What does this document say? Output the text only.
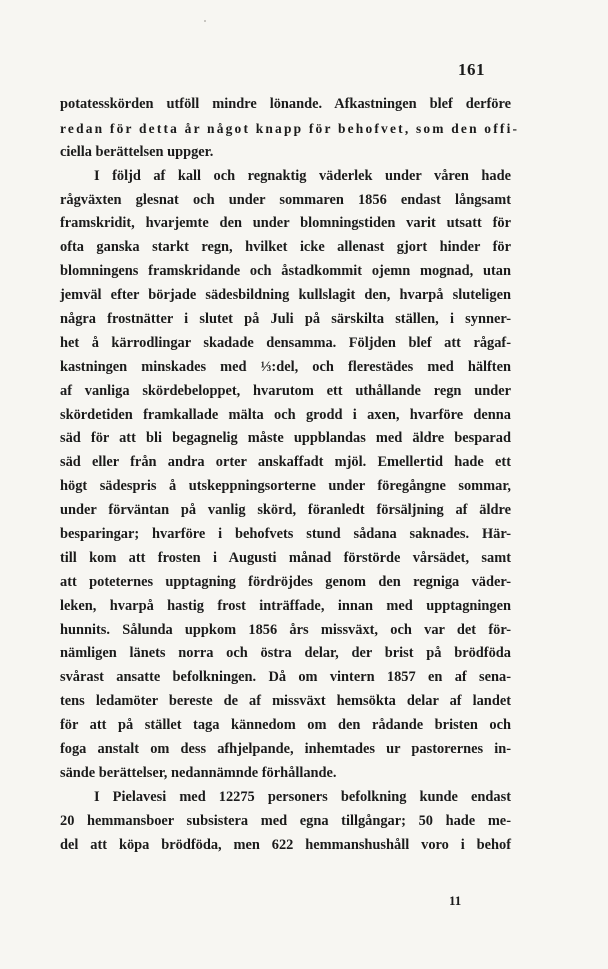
161
potatesskörden utföll mindre lönande. Afkastningen blef derföre
redan för detta år något knapp för behofvet, som den offi-
ciella berättelsen uppger.
I följd af kall och regnaktig väderlek under våren hade
rågväxten glesnat och under sommaren 1856 endast långsamt
framskridit, hvarjemte den under blomningstiden varit utsatt för
ofta ganska starkt regn, hvilket icke allenast gjort hinder för
blomningens framskridande och åstadkommit ojemn mognad, utan
jemväl efter började sädesbildning kullslagit den, hvarpå sluteligen
några frostnätter i slutet på Juli på särskilta ställen, i synner-
het å kärrodlingar skadade densamma. Följden blef att rågaf-
kastningen minskades med ⅓:del, och flerestädes med hälften
af vanliga skördebeloppet, hvarutom ett uthållande regn under
skördetiden framkallade mälta och grodd i axen, hvarföre denna
säd för att bli begagnelig måste uppblandas med äldre besparad
säd eller från andra orter anskaffadt mjöl. Emellertid hade ett
högt sädespris å utskeppningsorterne under föregångne sommar,
under förväntan på vanlig skörd, föranledt försäljning af äldre
besparingar; hvarföre i behofvets stund sådana saknades. Här-
till kom att frosten i Augusti månad förstörde vårsädet, samt
att poteternes upptagning fördröjdes genom den regniga väder-
leken, hvarpå hastig frost inträffade, innan med upptagningen
hunnits. Sålunda uppkom 1856 års missväxt, och var det för-
nämligen länets norra och östra delar, der brist på brödföda
svårast ansatte befolkningen. Då om vintern 1857 en af sena-
tens ledamöter bereste de af missväxt hemsökta delar af landet
för att på stället taga kännedom om den rådande bristen och
foga anstalt om dess afhjelpande, inhemtades ur pastorernes in-
sände berättelser, nedannämnde förhållande.
I Pielavesi med 12275 personers befolkning kunde endast
20 hemmansboer subsistera med egna tillgångar; 50 hade me-
del att köpa brödföda, men 622 hemmanshushåll voro i behof
11
